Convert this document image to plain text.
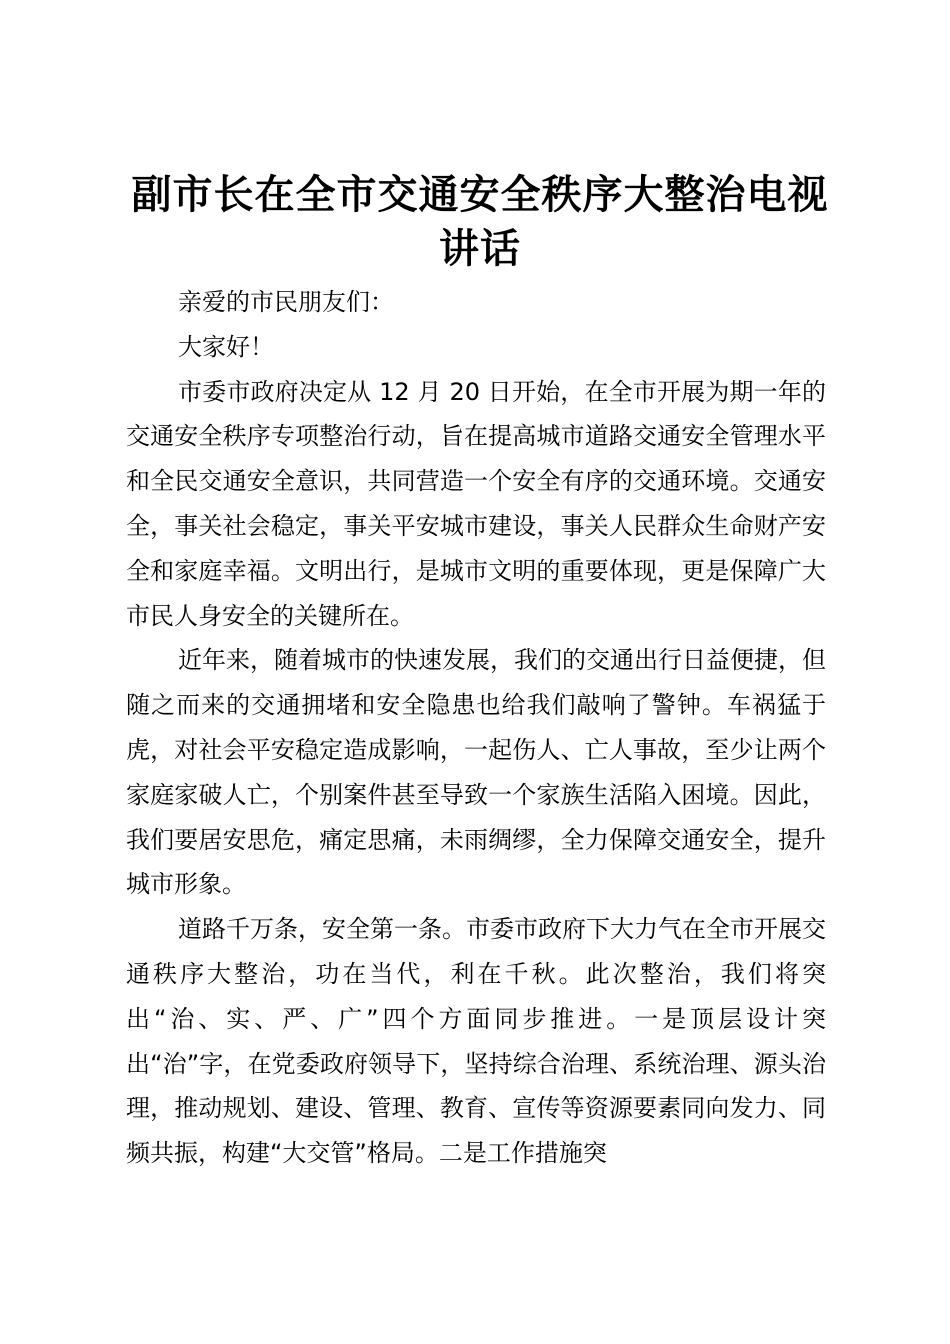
副市长在全市交通安全秩序大整治电视
讲话

亲爱的市民朋友们：

大家好！

市委市政府决定从 12 月 20 日开始，在全市开展为期一年的交通安全秩序专项整治行动，旨在提高城市道路交通安全管理水平和全民交通安全意识，共同营造一个安全有序的交通环境。交通安全，事关社会稳定，事关平安城市建设，事关人民群众生命财产安全和家庭幸福。文明出行，是城市文明的重要体现，更是保障广大市民人身安全的关键所在。

近年来，随着城市的快速发展，我们的交通出行日益便捷，但随之而来的交通拥堵和安全隐患也给我们敲响了警钟。车祸猛于虎，对社会平安稳定造成影响，一起伤人、亡人事故，至少让两个家庭家破人亡，个别案件甚至导致一个家族生活陷入困境。因此，我们要居安思危，痛定思痛，未雨绸缪，全力保障交通安全，提升城市形象。

道路千万条，安全第一条。市委市政府下大力气在全市开展交通秩序大整治，功在当代，利在千秋。此次整治，我们将突出“治、实、严、广”四个方面同步推进。一是顶层设计突出“治”字，在党委政府领导下，坚持综合治理、系统治理、源头治理，推动规划、建设、管理、教育、宣传等资源要素同向发力、同频共振，构建“大交管”格局。二是工作措施突
